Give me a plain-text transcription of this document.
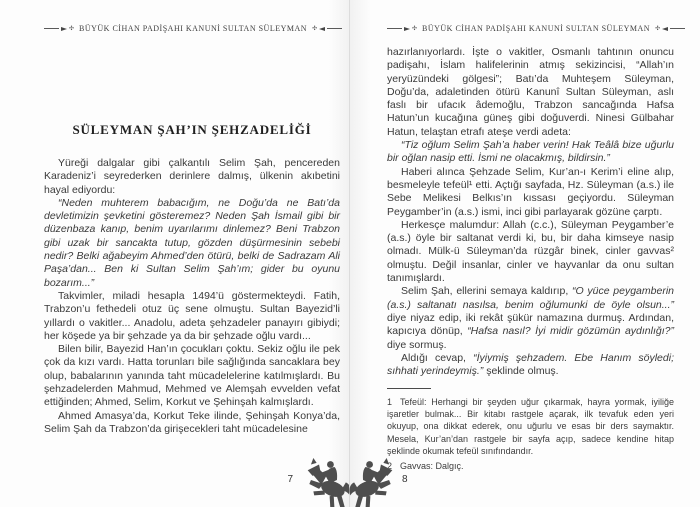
✣ BÜYÜK CİHAN PADİŞAHI KANUNİ SULTAN SÜLEYMAN ✣
SÜLEYMAN ŞAH’IN ŞEHZADELİĞİ

Yüreği dalgalar gibi çalkantılı Selim Şah, pencereden Karadeniz’i seyrederken derinlere dalmış, ülkenin akıbetini hayal ediyordu:

“Neden muhterem babacığım, ne Doğu’da ne Batı’da devletimizin şevketini gösteremez? Neden Şah İsmail gibi bir düzenbaza kanıp, benim uyarılarımı dinlemez? Beni Trabzon gibi uzak bir sancakta tutup, gözden düşürmesinin sebebi nedir? Belki ağabeyim Ahmed’den ötürü, belki de Sadrazam Ali Paşa’dan... Ben ki Sultan Selim Şah’ım; gider bu oyunu bozarım...”

Takvimler, miladi hesapla 1494’ü göstermekteydi. Fatih, Trabzon’u fethedeli otuz üç sene olmuştu. Sultan Bayezid’li yıllardı o vakitler... Anadolu, adeta şehzadeler panayırı gibiydi; her köşede ya bir şehzade ya da bir şehzade oğlu vardı...

Bilen bilir, Bayezid Han’ın çocukları çoktu. Sekiz oğlu ile pek çok da kızı vardı. Hatta torunları bile sağlığında sancaklara bey olup, babalarının yanında taht mücadelelerine katılmışlardı. Bu şehzadelerden Mahmud, Mehmed ve Alemşah evvelden vefat ettiğinden; Ahmed, Selim, Korkut ve Şehinşah kalmışlardı.

Ahmed Amasya’da, Korkut Teke ilinde, Şehinşah Konya’da, Selim Şah da Trabzon’da girişecekleri taht mücadelesine

7
✣ BÜYÜK CİHAN PADİŞAHI KANUNİ SULTAN SÜLEYMAN ✣

hazırlanıyorlardı. İşte o vakitler, Osmanlı tahtının onuncu padişahı, İslam halifelerinin atmış sekizincisi, “Allah’ın yeryüzündeki gölgesi”; Batı’da Muhteşem Süleyman, Doğu’da, adaletinden ötürü Kanunî Sultan Süleyman, aslı faslı bir ufacık âdemoğlu, Trabzon sancağında Hafsa Hatun’un kucağına güneş gibi doğuverdi. Ninesi Gülbahar Hatun, telaştan etrafı ateşe verdi adeta:

“Tiz oğlum Selim Şah’a haber verin! Hak Teâlâ bize uğurlu bir oğlan nasip etti. İsmi ne olacakmış, bildirsin.”

Haberi alınca Şehzade Selim, Kur’an-ı Kerim’i eline alıp, besmeleyle tefeül¹ etti. Açtığı sayfada, Hz. Süleyman (a.s.) ile Sebe Melikesi Belkıs’ın kıssası geçiyordu. Süleyman Peygamber’in (a.s.) ismi, inci gibi parlayarak gözüne çarptı.

Herkesçe malumdur: Allah (c.c.), Süleyman Peygamber’e (a.s.) öyle bir saltanat verdi ki, bu, bir daha kimseye nasip olmadı. Mülk-ü Süleyman’da rüzgâr binek, cinler gavvas² olmuştu. Değil insanlar, cinler ve hayvanlar da onu sultan tanımışlardı.

Selim Şah, ellerini semaya kaldırıp, “O yüce peygamberin (a.s.) saltanatı nasılsa, benim oğlumunki de öyle olsun...” diye niyaz edip, iki rekât şükür namazına durmuş. Ardından, kapıcıya dönüp, “Hafsa nasıl? İyi midir gözümün aydınlığı?” diye sormuş.

Aldığı cevap, “İyiymiş şehzadem. Ebe Hanım söyledi; sıhhati yerindeymiş.” şeklinde olmuş.

1 Tefeül: Herhangi bir şeyden uğur çıkarmak, hayra yormak, iyiliğe işaretler bulmak... Bir kitabı rastgele açarak, ilk tevafuk eden yeri okuyup, ona dikkat ederek, onu uğurlu ve esas bir ders saymaktır. Mesela, Kur’an’dan rastgele bir sayfa açıp, sadece kendine hitap şeklinde okumak tefeül sınıfındandır.

2 Gavvas: Dalgıç.

8
